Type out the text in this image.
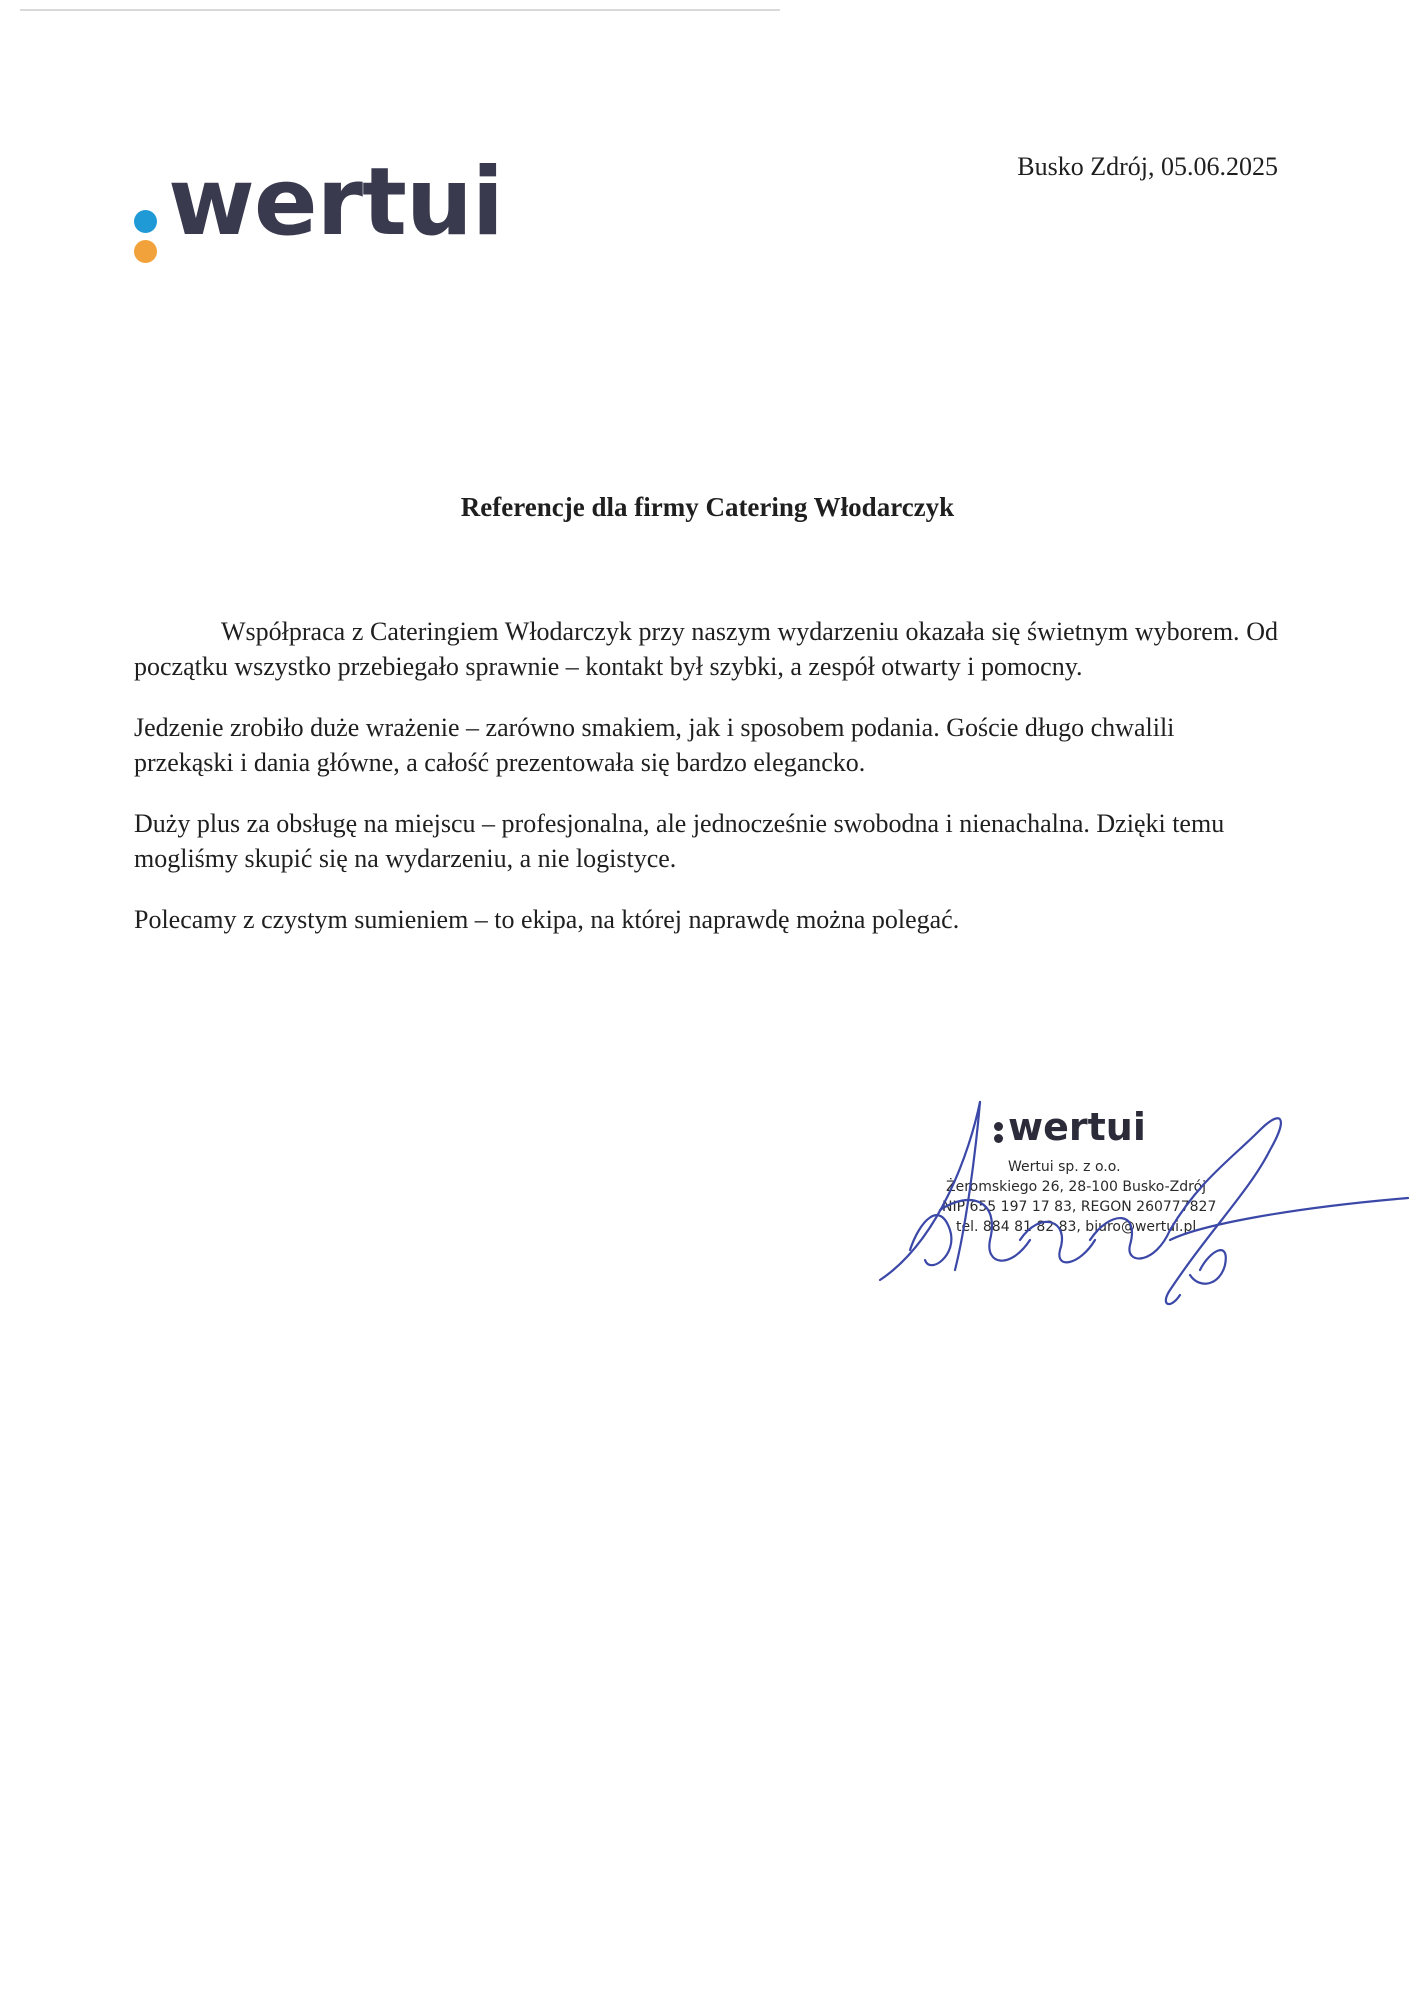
wertui	Busko Zdrój, 05.06.2025
Referencje dla firmy Catering Włodarczyk

Współpraca z Cateringiem Włodarczyk przy naszym wydarzeniu okazała się świetnym wyborem. Od początku wszystko przebiegało sprawnie – kontakt był szybki, a zespół otwarty i pomocny.

Jedzenie zrobiło duże wrażenie – zarówno smakiem, jak i sposobem podania. Goście długo chwalili przekąski i dania główne, a całość prezentowała się bardzo elegancko.

Duży plus za obsługę na miejscu – profesjonalna, ale jednocześnie swobodna i nienachalna. Dzięki temu mogliśmy skupić się na wydarzeniu, a nie logistyce.

Polecamy z czystym sumieniem – to ekipa, na której naprawdę można polegać.

wertui
Wertui sp. z o.o.
Żeromskiego 26, 28-100 Busko-Zdrój
NIP 655 197 17 83, REGON 260777827
tel. 884 81 82 83, biuro@wertui.pl
